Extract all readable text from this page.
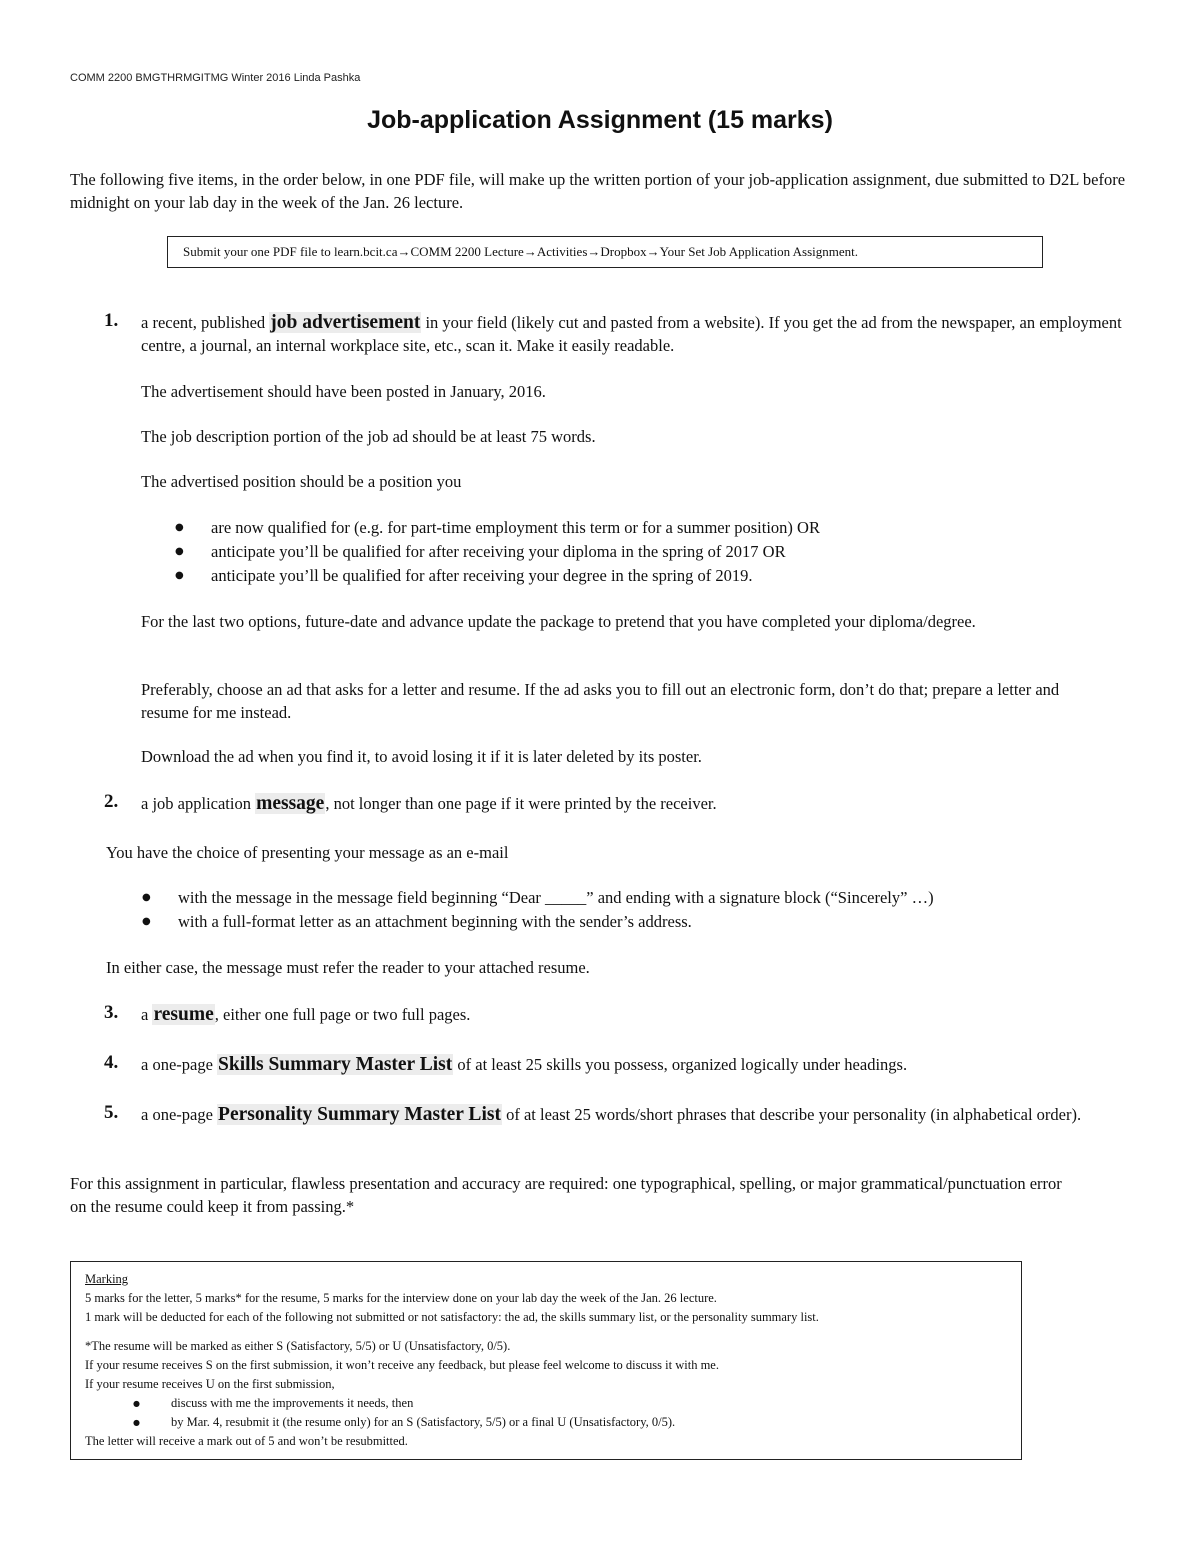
COMM 2200 BMGTHRMGITMG Winter 2016 Linda Pashka
Job-application Assignment (15 marks)
The following five items, in the order below, in one PDF file, will make up the written portion of your job-application assignment, due submitted to D2L before midnight on your lab day in the week of the Jan. 26 lecture.
Submit your one PDF file to learn.bcit.ca→COMM 2200 Lecture→Activities→Dropbox→Your Set Job Application Assignment.
1. a recent, published job advertisement in your field (likely cut and pasted from a website). If you get the ad from the newspaper, an employment centre, a journal, an internal workplace site, etc., scan it. Make it easily readable.
The advertisement should have been posted in January, 2016.
The job description portion of the job ad should be at least 75 words.
The advertised position should be a position you
● are now qualified for (e.g. for part-time employment this term or for a summer position) OR
● anticipate you’ll be qualified for after receiving your diploma in the spring of 2017 OR
● anticipate you’ll be qualified for after receiving your degree in the spring of 2019.
For the last two options, future-date and advance update the package to pretend that you have completed your diploma/degree.
Preferably, choose an ad that asks for a letter and resume. If the ad asks you to fill out an electronic form, don’t do that; prepare a letter and resume for me instead.
Download the ad when you find it, to avoid losing it if it is later deleted by its poster.
2. a job application message, not longer than one page if it were printed by the receiver.
You have the choice of presenting your message as an e-mail
● with the message in the message field beginning “Dear _____” and ending with a signature block (“Sincerely” …)
● with a full-format letter as an attachment beginning with the sender’s address.
In either case, the message must refer the reader to your attached resume.
3. a resume, either one full page or two full pages.
4. a one-page Skills Summary Master List of at least 25 skills you possess, organized logically under headings.
5. a one-page Personality Summary Master List of at least 25 words/short phrases that describe your personality (in alphabetical order).
For this assignment in particular, flawless presentation and accuracy are required: one typographical, spelling, or major grammatical/punctuation error on the resume could keep it from passing.*
Marking
5 marks for the letter, 5 marks* for the resume, 5 marks for the interview done on your lab day the week of the Jan. 26 lecture.
1 mark will be deducted for each of the following not submitted or not satisfactory: the ad, the skills summary list, or the personality summary list.
*The resume will be marked as either S (Satisfactory, 5/5) or U (Unsatisfactory, 0/5).
If your resume receives S on the first submission, it won’t receive any feedback, but please feel welcome to discuss it with me.
If your resume receives U on the first submission,
● discuss with me the improvements it needs, then
● by Mar. 4, resubmit it (the resume only) for an S (Satisfactory, 5/5) or a final U (Unsatisfactory, 0/5).
The letter will receive a mark out of 5 and won’t be resubmitted.
